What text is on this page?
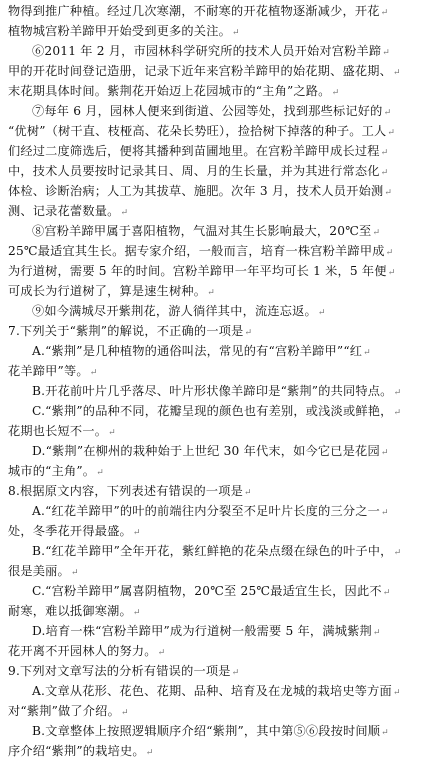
物得到推广种植。经过几次寒潮，不耐寒的开花植物逐渐减少，开花↵
植物城宫粉羊蹄甲开始受到更多的关注。↵
⑥2011 年 2 月，市园林科学研究所的技术人员开始对宫粉羊蹄↵
甲的开花时间登记造册，记录下近年来宫粉羊蹄甲的始花期、盛花期、↵
末花期具体时间。紫荆花开始迈上花园城市的“主角”之路。↵
⑦每年 6 月，园林人便来到街道、公园等处，找到那些标记好的↵
“优树”（树干直、枝桠高、花朵长势旺），捡拾树下掉落的种子。工人↵
们经过二度筛选后，便将其播种到苗圃地里。在宫粉羊蹄甲成长过程↵
中，技术人员要按时记录其日、周、月的生长量，并为其进行常态化↵
体检、诊断治病；人工为其拔草、施肥。次年 3 月，技术人员开始测↵
测、记录花蕾数量。↵
⑧宫粉羊蹄甲属于喜阳植物，气温对其生长影响最大，20℃至↵
25℃最适宜其生长。据专家介绍，一般而言，培育一株宫粉羊蹄甲成↵
为行道树，需要 5 年的时间。宫粉羊蹄甲一年平均可长 1 米，5 年便↵
可成长为行道树了，算是速生树种。↵
⑨如今满城尽开紫荆花，游人徜徉其中，流连忘返。↵
7.下列关于“紫荆”的解说，不正确的一项是↵
A.“紫荆”是几种植物的通俗叫法，常见的有“宫粉羊蹄甲”“红↵
花羊蹄甲”等。↵
B.开花前叶片几乎落尽、叶片形状像羊蹄印是“紫荆”的共同特点。↵
C.“紫荆”的品种不同，花瓣呈现的颜色也有差别，或浅淡或鲜艳，↵
花期也长短不一。↵
D.“紫荆”在柳州的栽种始于上世纪 30 年代末，如今它已是花园↵
城市的“主角”。↵
8.根据原文内容，下列表述有错误的一项是↵
A.“红花羊蹄甲”的叶的前端往内分裂至不足叶片长度的三分之一↵
处，冬季花开得最盛。↵
B.“红花羊蹄甲”全年开花，紫红鲜艳的花朵点缀在绿色的叶子中，↵
很是美丽。↵
C.“宫粉羊蹄甲”属喜阴植物，20℃至 25℃最适宜生长，因此不↵
耐寒，难以抵御寒潮。↵
D.培育一株“宫粉羊蹄甲”成为行道树一般需要 5 年，满城紫荆↵
花开离不开园林人的努力。↵
9.下列对文章写法的分析有错误的一项是↵
A.文章从花形、花色、花期、品种、培育及在龙城的栽培史等方面↵
对“紫荆”做了介绍。↵
B.文章整体上按照逻辑顺序介绍“紫荆”，其中第⑤⑥段按时间顺↵
序介绍“紫荆”的栽培史。↵
